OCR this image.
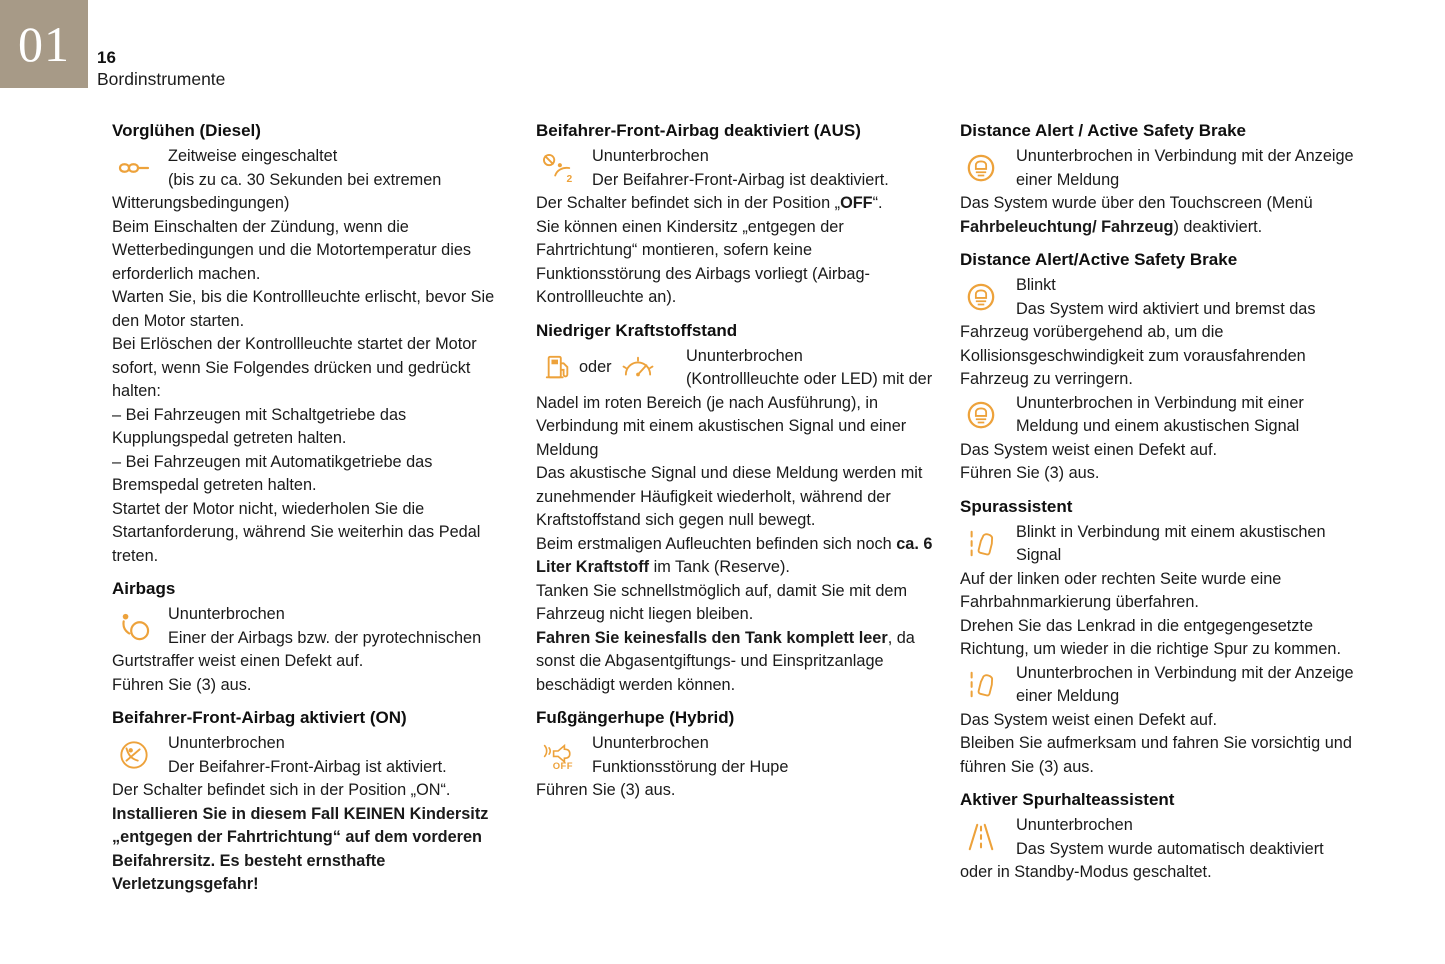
01 16
Bordinstrumente
Vorglühen (Diesel)

Zeitweise eingeschaltet
(bis zu ca. 30 Sekunden bei extremen Witterungsbedingungen)

Beim Einschalten der Zündung, wenn die Wetterbedingungen und die Motortemperatur dies erforderlich machen.

Warten Sie, bis die Kontrollleuchte erlischt, bevor Sie den Motor starten.

Bei Erlöschen der Kontrollleuchte startet der Motor sofort, wenn Sie Folgendes drücken und gedrückt halten:

– Bei Fahrzeugen mit Schaltgetriebe das Kupplungspedal getreten halten.

– Bei Fahrzeugen mit Automatikgetriebe das Bremspedal getreten halten.

Startet der Motor nicht, wiederholen Sie die Startanforderung, während Sie weiterhin das Pedal treten.

Airbags

Ununterbrochen
Einer der Airbags bzw. der pyrotechnischen Gurtstraffer weist einen Defekt auf.

Führen Sie (3) aus.

Beifahrer-Front-Airbag aktiviert (ON)

Ununterbrochen
Der Beifahrer-Front-Airbag ist aktiviert.

Der Schalter befindet sich in der Position „ON“.

Installieren Sie in diesem Fall KEINEN Kindersitz „entgegen der Fahrtrichtung“ auf dem vorderen Beifahrersitz. Es besteht ernsthafte Verletzungsgefahr!

Beifahrer-Front-Airbag deaktiviert (AUS)

2
Ununterbrochen
Der Beifahrer-Front-Airbag ist deaktiviert.

Der Schalter befindet sich in der Position „OFF“.

Sie können einen Kindersitz „entgegen der Fahrtrichtung“ montieren, sofern keine Funktionsstörung des Airbags vorliegt (Airbag-Kontrollleuchte an).

Niedriger Kraftstoffstand

oder
Ununterbrochen
(Kontrollleuchte oder LED) mit der Nadel im roten Bereich (je nach Ausführung), in Verbindung mit einem akustischen Signal und einer Meldung

Das akustische Signal und diese Meldung werden mit zunehmender Häufigkeit wiederholt, während der Kraftstoffstand sich gegen null bewegt.

Beim erstmaligen Aufleuchten befinden sich noch ca. 6 Liter Kraftstoff im Tank (Reserve).

Tanken Sie schnellstmöglich auf, damit Sie mit dem Fahrzeug nicht liegen bleiben.

Fahren Sie keinesfalls den Tank komplett leer, da sonst die Abgasentgiftungs- und Einspritzanlage beschädigt werden können.

Fußgängerhupe (Hybrid)

OFF
Ununterbrochen
Funktionsstörung der Hupe

Führen Sie (3) aus.

Distance Alert / Active Safety Brake

Ununterbrochen in Verbindung mit der Anzeige einer Meldung

Das System wurde über den Touchscreen (Menü Fahrbeleuchtung/ Fahrzeug) deaktiviert.

Distance Alert/Active Safety Brake

Blinkt
Das System wird aktiviert und bremst das Fahrzeug vorübergehend ab, um die Kollisionsgeschwindigkeit zum vorausfahrenden Fahrzeug zu verringern.

Ununterbrochen in Verbindung mit einer Meldung und einem akustischen Signal

Das System weist einen Defekt auf.

Führen Sie (3) aus.

Spurassistent

Blinkt in Verbindung mit einem akustischen Signal

Auf der linken oder rechten Seite wurde eine Fahrbahnmarkierung überfahren.

Drehen Sie das Lenkrad in die entgegengesetzte Richtung, um wieder in die richtige Spur zu kommen.

Ununterbrochen in Verbindung mit der Anzeige einer Meldung

Das System weist einen Defekt auf.

Bleiben Sie aufmerksam und fahren Sie vorsichtig und führen Sie (3) aus.

Aktiver Spurhalteassistent

Ununterbrochen
Das System wurde automatisch deaktiviert oder in Standby-Modus geschaltet.
